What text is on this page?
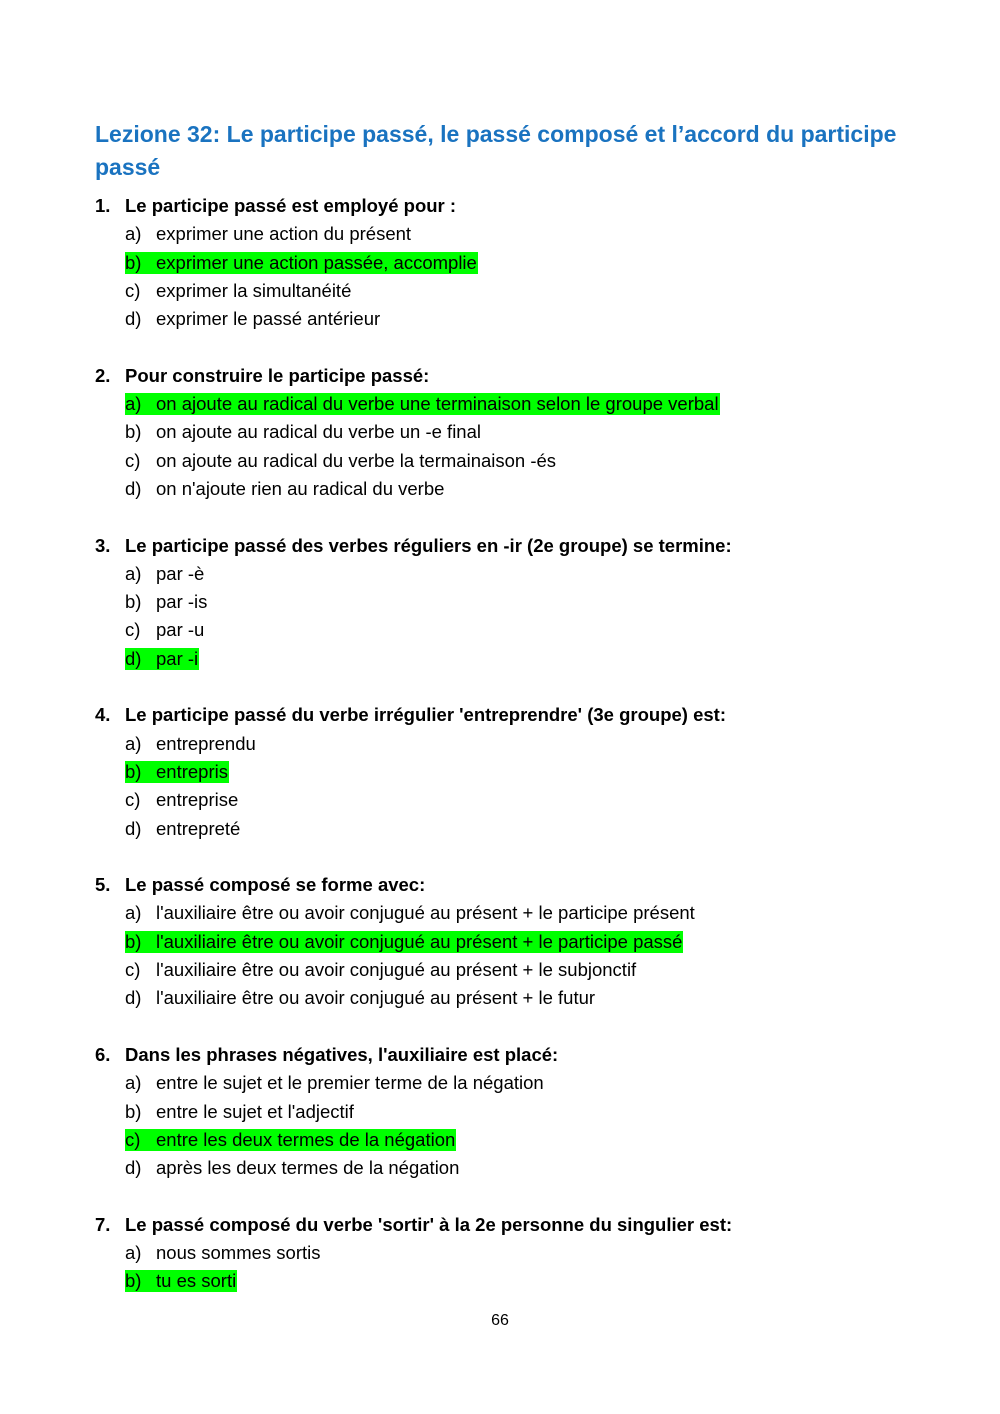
Lezione 32: Le participe passé, le passé composé et l’accord du participe passé
1. Le participe passé est employé pour :
a) exprimer une action du présent
b) exprimer une action passée, accomplie
c) exprimer la simultanéité
d) exprimer le passé antérieur
2. Pour construire le participe passé:
a) on ajoute au radical du verbe une terminaison selon le groupe verbal
b) on ajoute au radical du verbe un -e final
c) on ajoute au radical du verbe la termainaison -és
d) on n'ajoute rien au radical du verbe
3. Le participe passé des verbes réguliers en -ir (2e groupe) se termine:
a) par -è
b) par -is
c) par -u
d) par -i
4. Le participe passé du verbe irrégulier 'entreprendre' (3e groupe) est:
a) entreprendu
b) entrepris
c) entreprise
d) entrepreté
5. Le passé composé se forme avec:
a) l'auxiliaire être ou avoir conjugué au présent + le participe présent
b) l'auxiliaire être ou avoir conjugué au présent + le participe passé
c) l'auxiliaire être ou avoir conjugué au présent + le subjonctif
d) l'auxiliaire être ou avoir conjugué au présent + le futur
6. Dans les phrases négatives, l'auxiliaire est placé:
a) entre le sujet et le premier terme de la négation
b) entre le sujet et l'adjectif
c) entre les deux termes de la négation
d) après les deux termes de la négation
7. Le passé composé du verbe 'sortir' à la 2e personne du singulier est:
a) nous sommes sortis
b) tu es sorti
66
